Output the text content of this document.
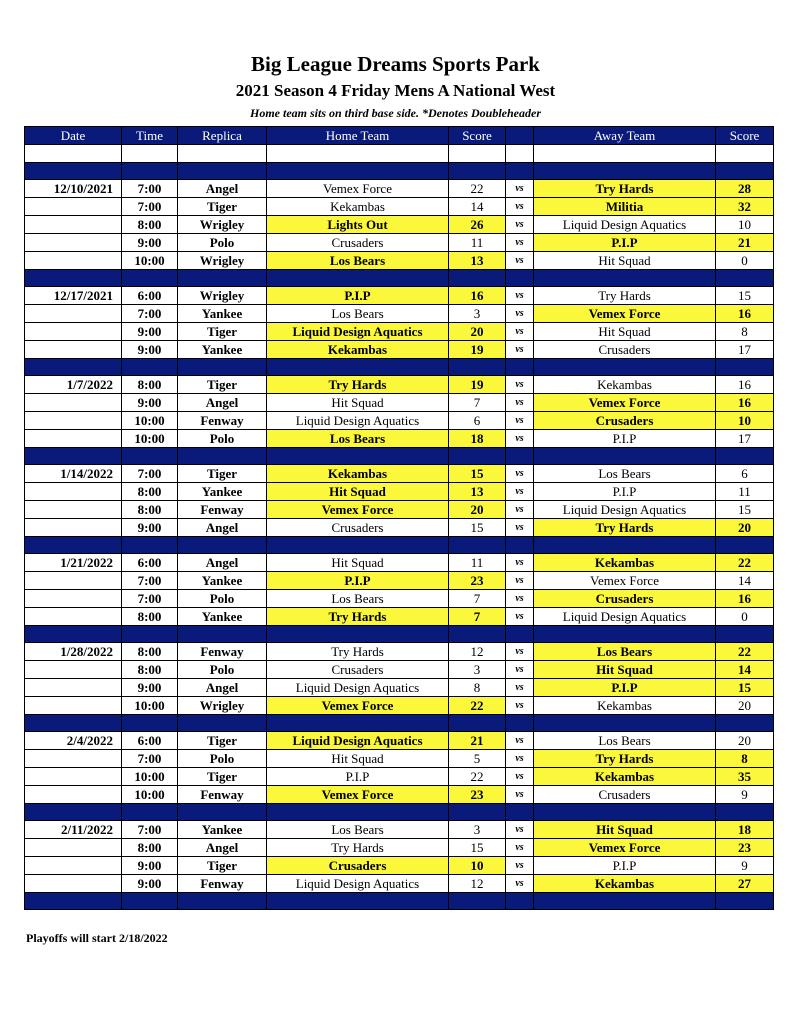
Big League Dreams Sports Park
2021 Season 4 Friday Mens A National West
Home team sits on third base side. *Denotes Doubleheader
Date	Time	Replica	Home Team	Score		Away Team	Score

12/10/2021	7:00	Angel	Vemex Force	22	vs	Try Hards	28
	7:00	Tiger	Kekambas	14	vs	Militia	32
	8:00	Wrigley	Lights Out	26	vs	Liquid Design Aquatics	10
	9:00	Polo	Crusaders	11	vs	P.I.P	21
	10:00	Wrigley	Los Bears	13	vs	Hit Squad	0

12/17/2021	6:00	Wrigley	P.I.P	16	vs	Try Hards	15
	7:00	Yankee	Los Bears	3	vs	Vemex Force	16
	9:00	Tiger	Liquid Design Aquatics	20	vs	Hit Squad	8
	9:00	Yankee	Kekambas	19	vs	Crusaders	17

1/7/2022	8:00	Tiger	Try Hards	19	vs	Kekambas	16
	9:00	Angel	Hit Squad	7	vs	Vemex Force	16
	10:00	Fenway	Liquid Design Aquatics	6	vs	Crusaders	10
	10:00	Polo	Los Bears	18	vs	P.I.P	17

1/14/2022	7:00	Tiger	Kekambas	15	vs	Los Bears	6
	8:00	Yankee	Hit Squad	13	vs	P.I.P	11
	8:00	Fenway	Vemex Force	20	vs	Liquid Design Aquatics	15
	9:00	Angel	Crusaders	15	vs	Try Hards	20

1/21/2022	6:00	Angel	Hit Squad	11	vs	Kekambas	22
	7:00	Yankee	P.I.P	23	vs	Vemex Force	14
	7:00	Polo	Los Bears	7	vs	Crusaders	16
	8:00	Yankee	Try Hards	7	vs	Liquid Design Aquatics	0

1/28/2022	8:00	Fenway	Try Hards	12	vs	Los Bears	22
	8:00	Polo	Crusaders	3	vs	Hit Squad	14
	9:00	Angel	Liquid Design Aquatics	8	vs	P.I.P	15
	10:00	Wrigley	Vemex Force	22	vs	Kekambas	20

2/4/2022	6:00	Tiger	Liquid Design Aquatics	21	vs	Los Bears	20
	7:00	Polo	Hit Squad	5	vs	Try Hards	8
	10:00	Tiger	P.I.P	22	vs	Kekambas	35
	10:00	Fenway	Vemex Force	23	vs	Crusaders	9

2/11/2022	7:00	Yankee	Los Bears	3	vs	Hit Squad	18
	8:00	Angel	Try Hards	15	vs	Vemex Force	23
	9:00	Tiger	Crusaders	10	vs	P.I.P	9
	9:00	Fenway	Liquid Design Aquatics	12	vs	Kekambas	27

Playoffs will start 2/18/2022
